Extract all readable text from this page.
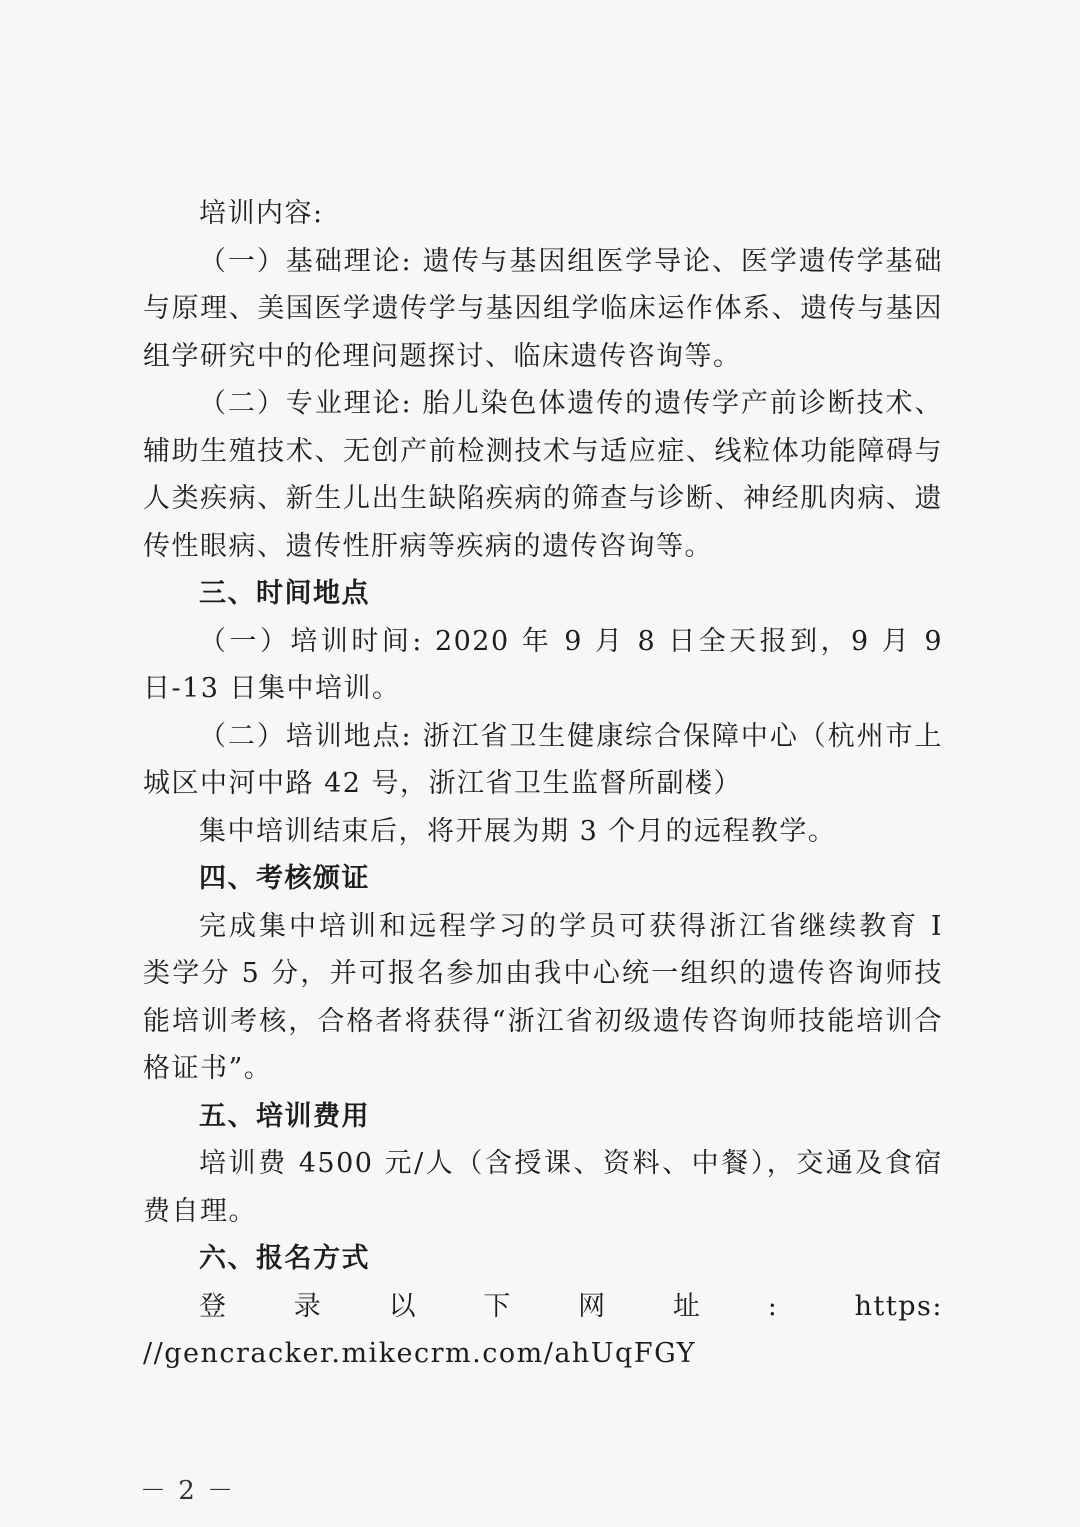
培训内容:

（一）基础理论: 遗传与基因组医学导论、医学遗传学基础与原理、美国医学遗传学与基因组学临床运作体系、遗传与基因组学研究中的伦理问题探讨、临床遗传咨询等。

（二）专业理论: 胎儿染色体遗传的遗传学产前诊断技术、辅助生殖技术、无创产前检测技术与适应症、线粒体功能障碍与人类疾病、新生儿出生缺陷疾病的筛查与诊断、神经肌肉病、遗传性眼病、遗传性肝病等疾病的遗传咨询等。

三、时间地点

（一）培训时间: 2020 年 9 月 8 日全天报到，9 月 9 日-13 日集中培训。

（二）培训地点: 浙江省卫生健康综合保障中心（杭州市上城区中河中路 42 号，浙江省卫生监督所副楼）

集中培训结束后，将开展为期 3 个月的远程教学。

四、考核颁证

完成集中培训和远程学习的学员可获得浙江省继续教育 I 类学分 5 分，并可报名参加由我中心统一组织的遗传咨询师技能培训考核，合格者将获得“浙江省初级遗传咨询师技能培训合格证书”。

五、培训费用

培训费 4500 元/人（含授课、资料、中餐），交通及食宿费自理。

六、报名方式

登录以下网址: https: //gencracker.mikecrm.com/ahUqFGY

－ 2 －
